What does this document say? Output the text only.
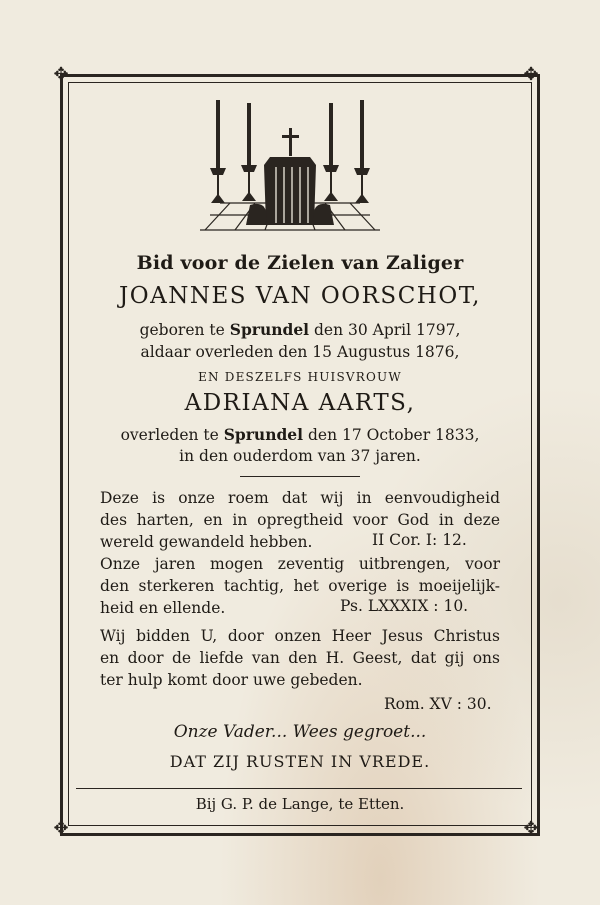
✥	✥
✥	✥
Bid voor de Zielen van Zaliger
JOANNES VAN OORSCHOT,
geboren te Sprundel den 30 April 1797,
aldaar overleden den 15 Augustus 1876,
EN DESZELFS HUISVROUW
ADRIANA AARTS,
overleden te Sprundel den 17 October 1833,
in den ouderdom van 37 jaren.
Deze is onze roem dat wij in eenvoudigheid
des harten, en in opregtheid voor God in deze
wereld gewandeld hebben.	II Cor. I: 12.
Onze jaren mogen zeventig uitbrengen, voor
den sterkeren tachtig, het overige is moeijelijk-
heid en ellende.	Ps. LXXXIX : 10.
Wij bidden U, door onzen Heer Jesus Christus
en door de liefde van den H. Geest, dat gij ons
ter hulp komt door uwe gebeden.
Rom. XV : 30.
Onze Vader... Wees gegroet...
DAT ZIJ RUSTEN IN VREDE.
Bij G. P. de Lange, te Etten.
